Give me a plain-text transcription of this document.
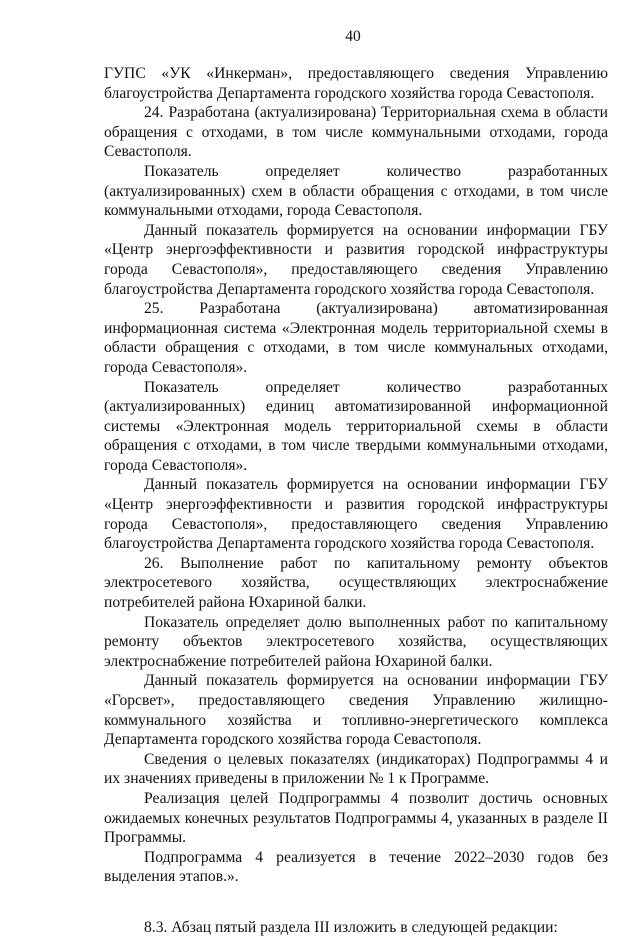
40

ГУПС «УК «Инкерман», предоставляющего сведения Управлению благоустройства Департамента городского хозяйства города Севастополя.

24. Разработана (актуализирована) Территориальная схема в области обращения с отходами, в том числе коммунальными отходами, города Севастополя.

Показатель определяет количество разработанных (актуализированных) схем в области обращения с отходами, в том числе коммунальными отходами, города Севастополя.

Данный показатель формируется на основании информации ГБУ «Центр энергоэффективности и развития городской инфраструктуры города Севастополя», предоставляющего сведения Управлению благоустройства Департамента городского хозяйства города Севастополя.

25. Разработана (актуализирована) автоматизированная информационная система «Электронная модель территориальной схемы в области обращения с отходами, в том числе коммунальных отходами, города Севастополя».

Показатель определяет количество разработанных (актуализированных) единиц автоматизированной информационной системы «Электронная модель территориальной схемы в области обращения с отходами, в том числе твердыми коммунальными отходами, города Севастополя».

Данный показатель формируется на основании информации ГБУ «Центр энергоэффективности и развития городской инфраструктуры города Севастополя», предоставляющего сведения Управлению благоустройства Департамента городского хозяйства города Севастополя.

26. Выполнение работ по капитальному ремонту объектов электросетевого хозяйства, осуществляющих электроснабжение потребителей района Юхариной балки.

Показатель определяет долю выполненных работ по капитальному ремонту объектов электросетевого хозяйства, осуществляющих электроснабжение потребителей района Юхариной балки.

Данный показатель формируется на основании информации ГБУ «Горсвет», предоставляющего сведения Управлению жилищно-коммунального хозяйства и топливно-энергетического комплекса Департамента городского хозяйства города Севастополя.

Сведения о целевых показателях (индикаторах) Подпрограммы 4 и их значениях приведены в приложении № 1 к Программе.

Реализация целей Подпрограммы 4 позволит достичь основных ожидаемых конечных результатов Подпрограммы 4, указанных в разделе II Программы.

Подпрограмма 4 реализуется в течение 2022–2030 годов без выделения этапов.».

8.3. Абзац пятый раздела III изложить в следующей редакции:
